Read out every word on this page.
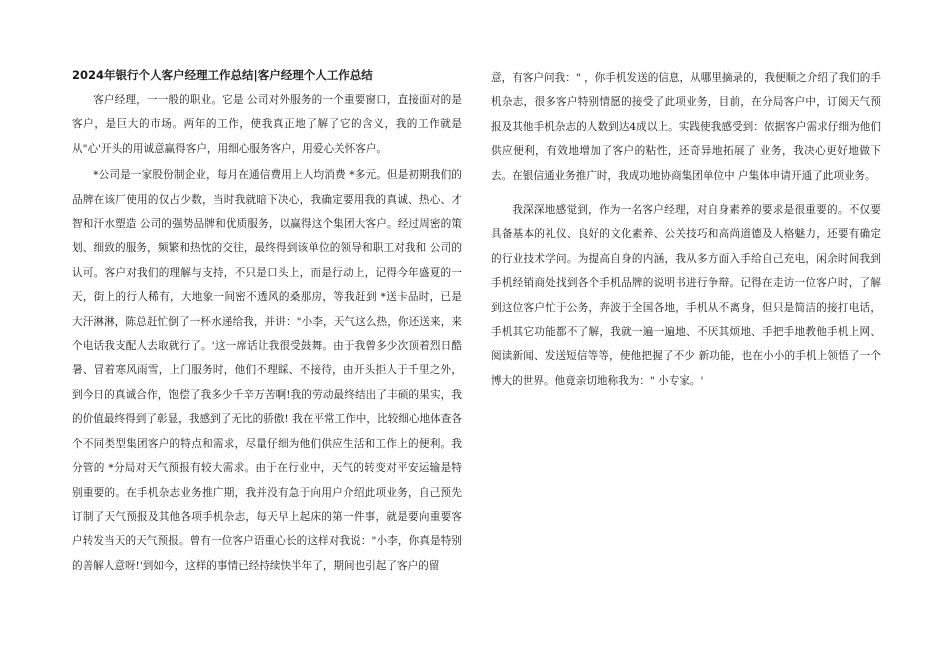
2024年银行个人客户经理工作总结|客户经理个人工作总结

客户经理，一一般的职业。它是 公司对外服务的一个重要窗口，直接面对的是客户，是巨大的市场。两年的工作，使我真正地了解了它的含义，我的工作就是从"心'开头的用诚意赢得客户，用细心服务客户，用爱心关怀客户。

*公司是一家股份制企业，每月在通信费用上人均消费 *多元。但是初期我们的品牌在该厂使用的仅占少数，当时我就暗下决心，我确定要用我的真诚、热心、才智和汗水塑造 公司的强势品牌和优质服务，以赢得这个集团大客户。经过周密的策划、细致的服务，频繁和热忱的交往，最终得到该单位的领导和职工对我和 公司的认可。客户对我们的理解与支持，不只是口头上，而是行动上，记得今年盛夏的一天，街上的行人稀有，大地象一间密不透风的桑那房，等我赶到 *送卡品时，已是大汗淋淋，陈总赶忙倒了一杯水递给我，并讲："小李，天气这么热，你还送来，来个电话我支配人去取就行了。'这一席话让我很受鼓舞。由于我曾多少次顶着烈日酷暑、冒着寒风雨雪，上门服务时，他们不理睬、不接待，由开头拒人于千里之外，到今日的真诚合作，饱偿了我多少千辛万苦啊!我的劳动最终结出了丰硕的果实，我的价值最终得到了彰显，我感到了无比的骄傲! 我在平常工作中，比较细心地体查各个不同类型集团客户的特点和需求，尽量仔细为他们供应生活和工作上的便利。我分管的 *分局对天气预报有较大需求。由于在行业中，天气的转变对平安运输是特别重要的。在手机杂志业务推广期，我并没有急于向用户介绍此项业务，自己预先订制了天气预报及其他各项手机杂志，每天早上起床的第一件事，就是要向重要客户转发当天的天气预报。曾有一位客户语重心长的这样对我说："小李，你真是特别的善解人意呀!'到如今，这样的事情已经持续快半年了，期间也引起了客户的留

意，有客户问我：" ，你手机发送的信息，从哪里摘录的，我便顺之介绍了我们的手机杂志，很多客户特别情愿的接受了此项业务，目前，在分局客户中，订阅天气预报及其他手机杂志的人数到达4成以上。实践使我感受到：依据客户需求仔细为他们供应便利，有效地增加了客户的粘性，还奇异地拓展了 业务，我决心更好地做下去。在银信通业务推广时，我成功地协商集团单位中 户集体申请开通了此项业务。

我深深地感觉到，作为一名客户经理，对自身素养的要求是很重要的。不仅要具备基本的礼仪、良好的文化素养、公关技巧和高尚道德及人格魅力，还要有确定的行业技术学问。为提高自身的内涵，我从多方面入手给自己充电，闲余时间我到手机经销商处找到各个手机品牌的说明书进行争辩。记得在走访一位客户时，了解到这位客户忙于公务，奔波于全国各地，手机从不离身，但只是简洁的接打电话，手机其它功能都不了解，我就一遍一遍地、不厌其烦地、手把手地教他手机上网、阅读新闻、发送短信等等，使他把握了不少 新功能，也在小小的手机上领悟了一个博大的世界。他竟亲切地称我为：" 小专家。'
